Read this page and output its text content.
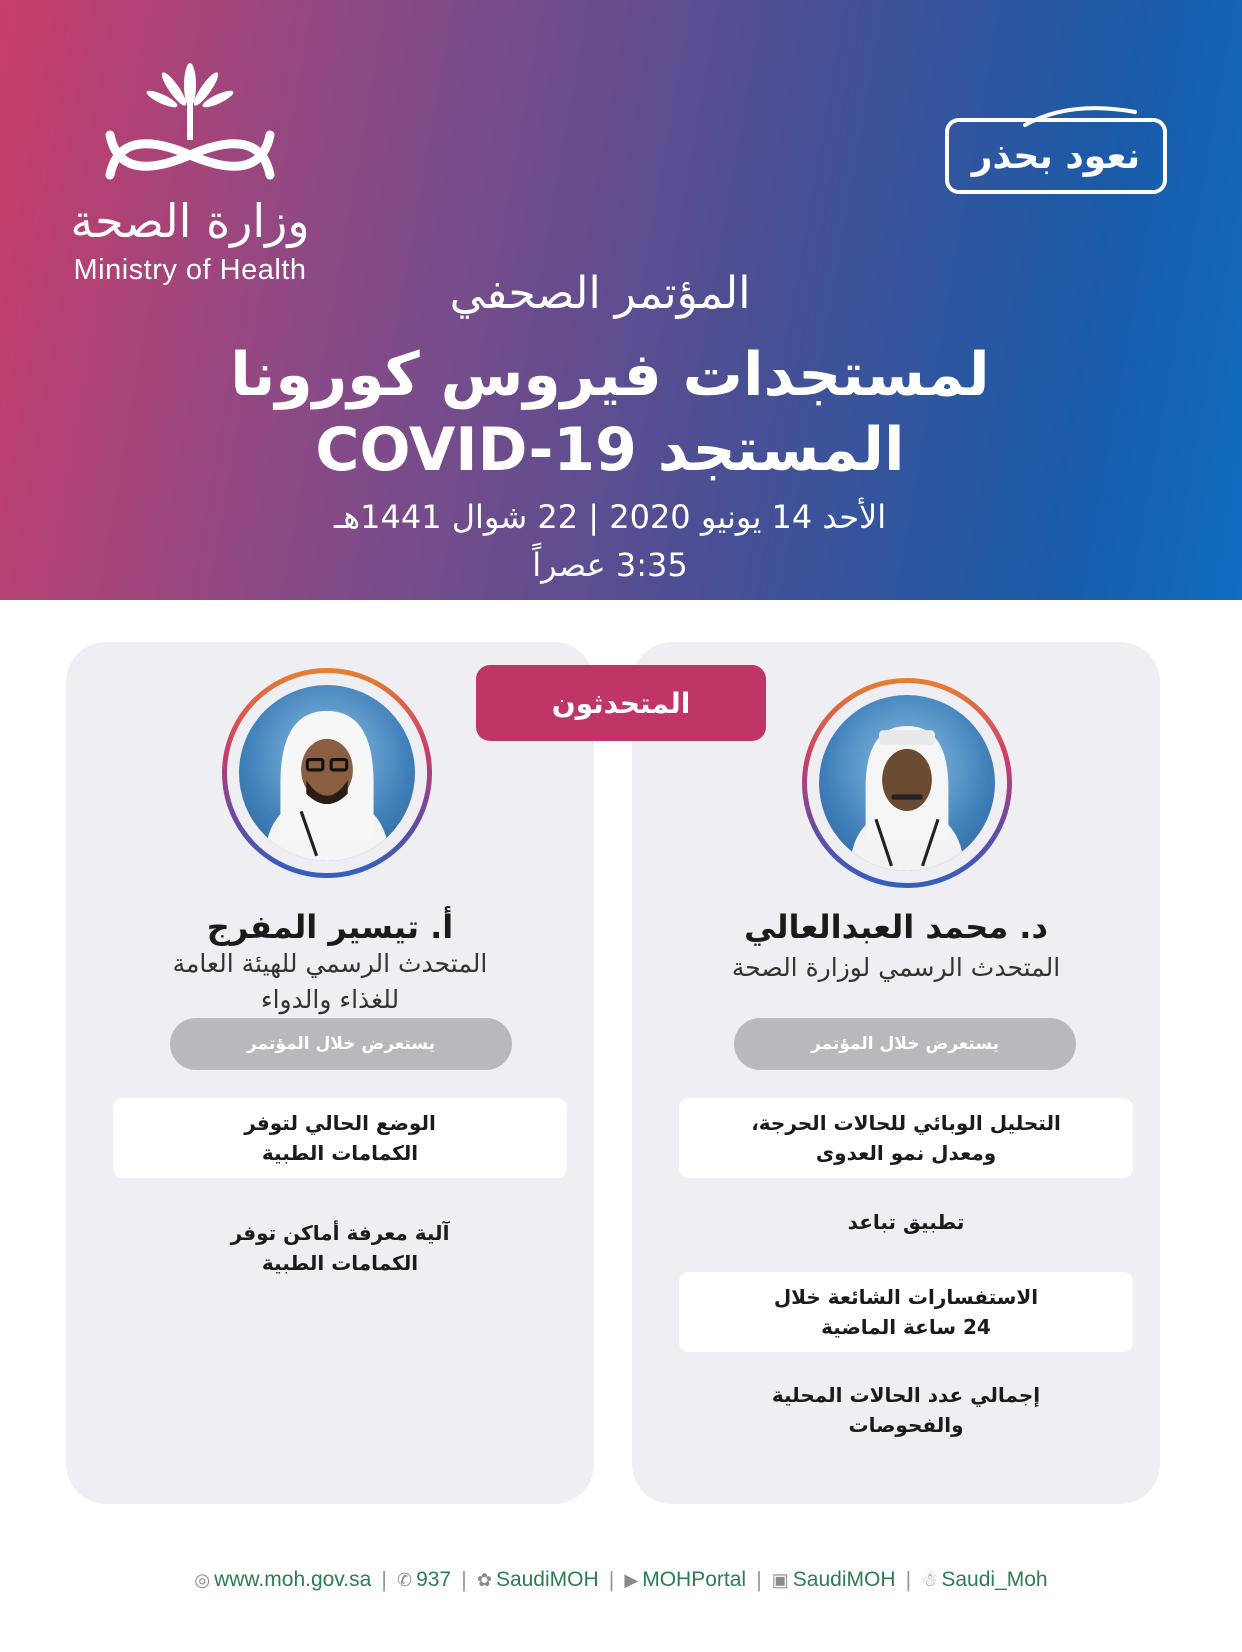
وزارة الصحة
Ministry of Health
نعود بحذر
المؤتمر الصحفي
لمستجدات فيروس كورونا
المستجد COVID-19
الأحد 14 يونيو 2020 | 22 شوال 1441هـ
3:35 عصراً
المتحدثون
د. محمد العبدالعالي
المتحدث الرسمي لوزارة الصحة
يستعرض خلال المؤتمر
التحليل الوبائي للحالات الحرجة،
ومعدل نمو العدوى
تطبيق تباعد
الاستفسارات الشائعة خلال
24 ساعة الماضية
إجمالي عدد الحالات المحلية
والفحوصات
أ. تيسير المفرج
المتحدث الرسمي للهيئة العامة
للغذاء والدواء
يستعرض خلال المؤتمر
الوضع الحالي لتوفر
الكمامات الطبية
آلية معرفة أماكن توفر
الكمامات الطبية
◎ www.moh.gov.sa | ✆ 937 | ✿ SaudiMOH | ▶ MOHPortal | ▣ SaudiMOH | ☃ Saudi_Moh
